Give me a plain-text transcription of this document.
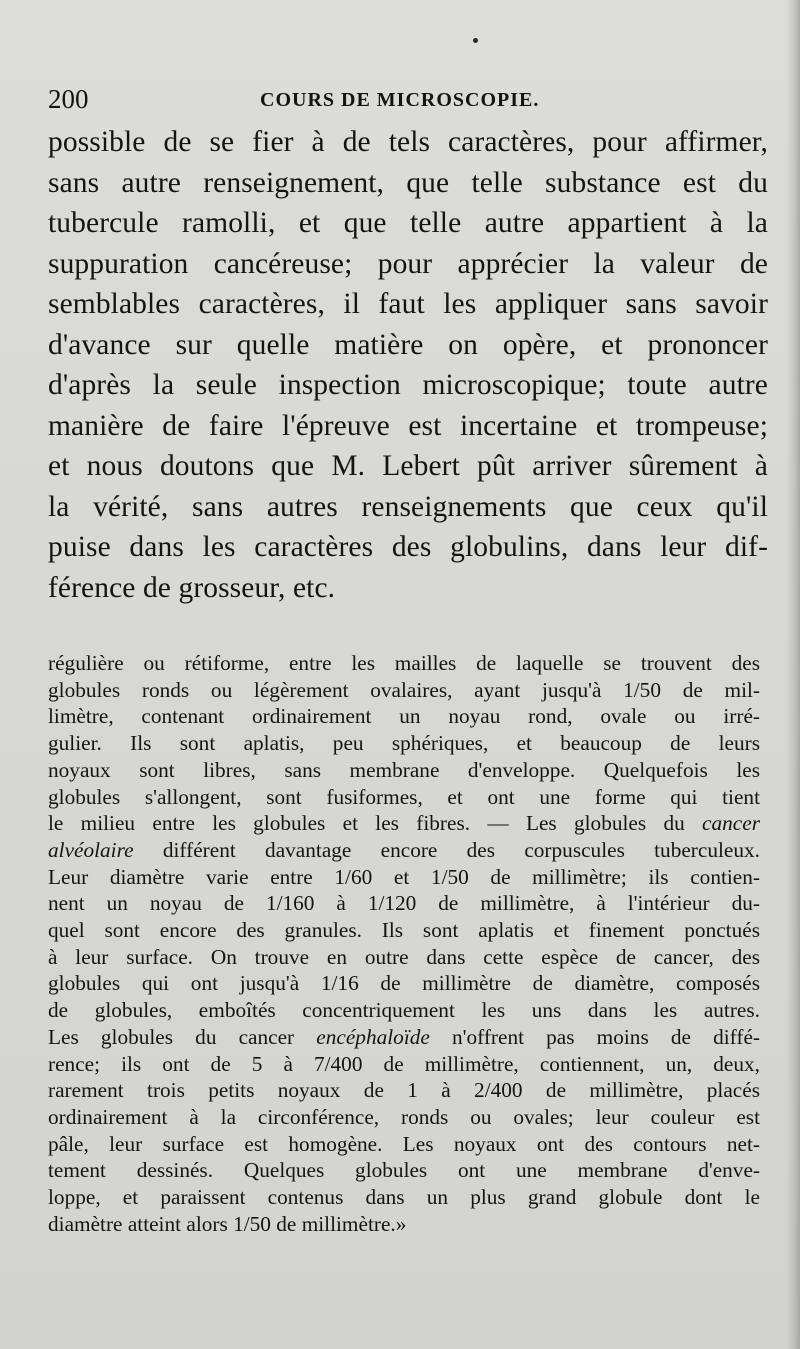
200	COURS DE MICROSCOPIE.
possible de se fier à de tels caractères, pour affirmer,
sans autre renseignement, que telle substance est du
tubercule ramolli, et que telle autre appartient à la
suppuration cancéreuse; pour apprécier la valeur de
semblables caractères, il faut les appliquer sans savoir
d'avance sur quelle matière on opère, et prononcer
d'après la seule inspection microscopique; toute autre
manière de faire l'épreuve est incertaine et trompeuse;
et nous doutons que M. Lebert pût arriver sûrement à
la vérité, sans autres renseignements que ceux qu'il
puise dans les caractères des globulins, dans leur dif-
férence de grosseur, etc.
régulière ou rétiforme, entre les mailles de laquelle se trouvent des
globules ronds ou légèrement ovalaires, ayant jusqu'à 1/50 de mil-
limètre, contenant ordinairement un noyau rond, ovale ou irré-
gulier. Ils sont aplatis, peu sphériques, et beaucoup de leurs
noyaux sont libres, sans membrane d'enveloppe. Quelquefois les
globules s'allongent, sont fusiformes, et ont une forme qui tient
le milieu entre les globules et les fibres. — Les globules du cancer
alvéolaire différent davantage encore des corpuscules tuberculeux.
Leur diamètre varie entre 1/60 et 1/50 de millimètre; ils contien-
nent un noyau de 1/160 à 1/120 de millimètre, à l'intérieur du-
quel sont encore des granules. Ils sont aplatis et finement ponctués
à leur surface. On trouve en outre dans cette espèce de cancer, des
globules qui ont jusqu'à 1/16 de millimètre de diamètre, composés
de globules, emboîtés concentriquement les uns dans les autres.
Les globules du cancer encéphaloïde n'offrent pas moins de diffé-
rence; ils ont de 5 à 7/400 de millimètre, contiennent, un, deux,
rarement trois petits noyaux de 1 à 2/400 de millimètre, placés
ordinairement à la circonférence, ronds ou ovales; leur couleur est
pâle, leur surface est homogène. Les noyaux ont des contours net-
tement dessinés. Quelques globules ont une membrane d'enve-
loppe, et paraissent contenus dans un plus grand globule dont le
diamètre atteint alors 1/50 de millimètre.»
